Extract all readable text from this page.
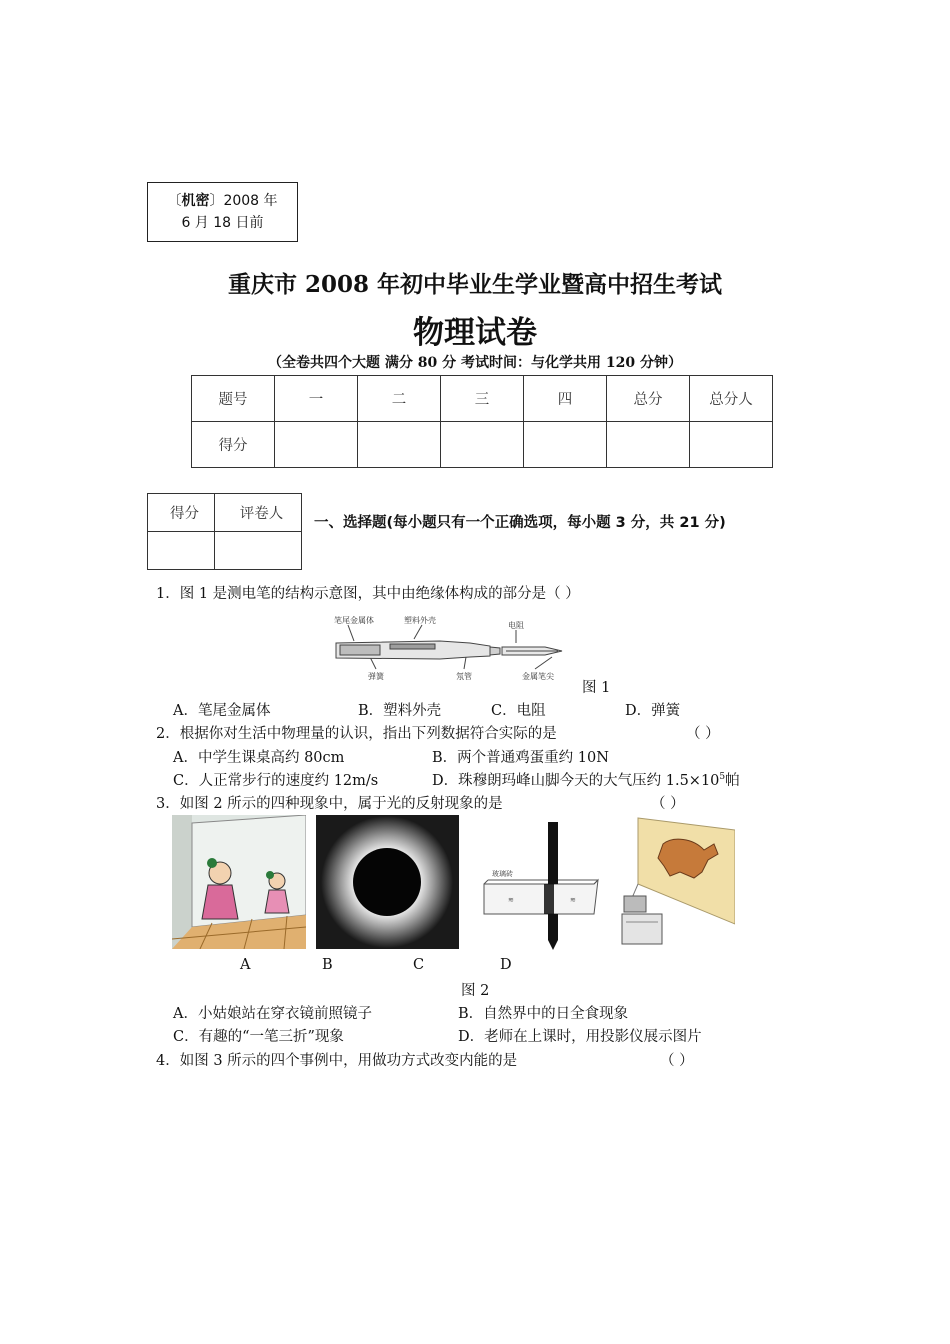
〔机密〕2008 年
6 月 18 日前
重庆市 2008 年初中毕业生学业暨高中招生考试
物理试卷
（全卷共四个大题 满分 80 分 考试时间：与化学共用 120 分钟）
题号	一	二	三	四	总分	总分人
得分						
得分	评卷人

一、选择题(每小题只有一个正确选项，每小题 3 分，共 21 分)
1．图 1 是测电笔的结构示意图，其中由绝缘体构成的部分是（ ）
笔尾金属体	塑料外壳
电阻
弹簧	氖管	金属笔尖
图 1
A．笔尾金属体	B．塑料外壳	C．电阻	D．弹簧
2．根据你对生活中物理量的认识，指出下列数据符合实际的是	（ ）
A．中学生课桌高约 80cm	B．两个普通鸡蛋重约 10N
C．人正常步行的速度约 12m/s	D．珠穆朗玛峰山脚今天的大气压约 $1.5\times 10^5$帕
3．如图 2 所示的四种现象中，属于光的反射现象的是	（ ）
玻璃砖
≋	≋
A	B	C	D
图 2
A．小姑娘站在穿衣镜前照镜子	B．自然界中的日全食现象
C．有趣的“一笔三折”现象	D．老师在上课时，用投影仪展示图片
4．如图 3 所示的四个事例中，用做功方式改变内能的是	（ ）
